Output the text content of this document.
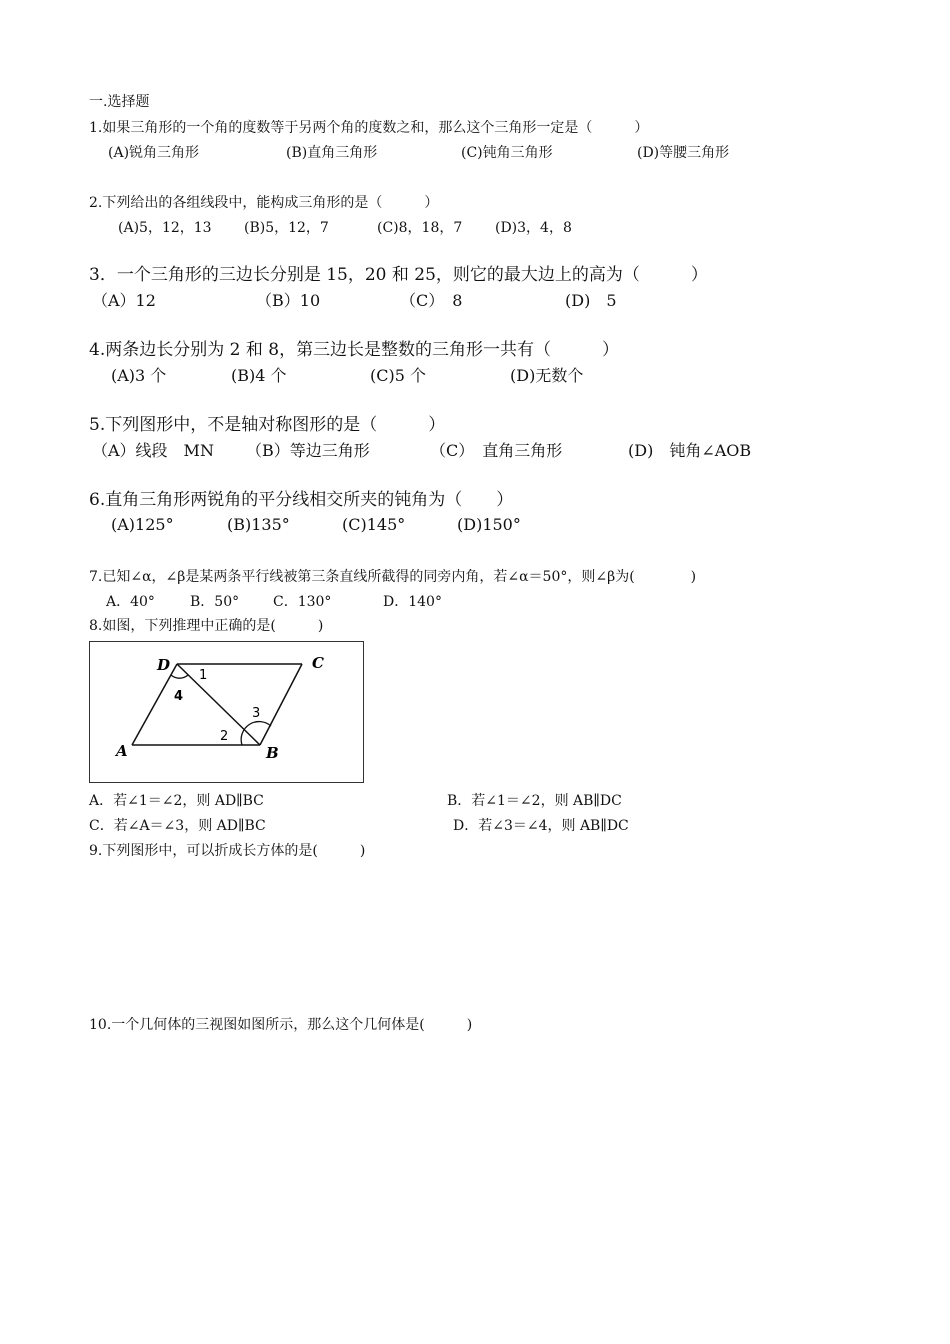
一.选择题
1.如果三角形的一个角的度数等于另两个角的度数之和，那么这个三角形一定是（　　　）
(A)锐角三角形	(B)直角三角形	(C)钝角三角形	(D)等腰三角形
2.下列给出的各组线段中，能构成三角形的是（　　　）
(A)5，12，13 (B)5，12，7	(C)8，18，7 (D)3，4，8
3．一个三角形的三边长分别是 15，20 和 25，则它的最大边上的高为（　　　）
（A）12	（B）10	（C）　8	(D)　5
4.两条边长分别为 2 和 8，第三边长是整数的三角形一共有（　　　）
(A)3 个	(B)4 个	(C)5 个	(D)无数个
5.下列图形中，不是轴对称图形的是（　　　）
（A）线段　MN （B）等边三角形	（C）　直角三角形	(D)　钝角∠AOB
6.直角三角形两锐角的平分线相交所夹的钝角为（　　）
(A)125°	(B)135°	(C)145°	(D)150°
7.已知∠α，∠β是某两条平行线被第三条直线所截得的同旁内角，若∠α＝50°，则∠β为(　　　　)
A．40°	B．50° C．130°	D．140°
8.如图，下列推理中正确的是(　　　)
D	C
A	B
1
2
3
4
A．若∠1＝∠2，则 AD∥BC	B．若∠1＝∠2，则 AB∥DC
C．若∠A＝∠3，则 AD∥BC	D．若∠3＝∠4，则 AB∥DC
9.下列图形中，可以折成长方体的是(　　　)
10.一个几何体的三视图如图所示，那么这个几何体是(　　　)
